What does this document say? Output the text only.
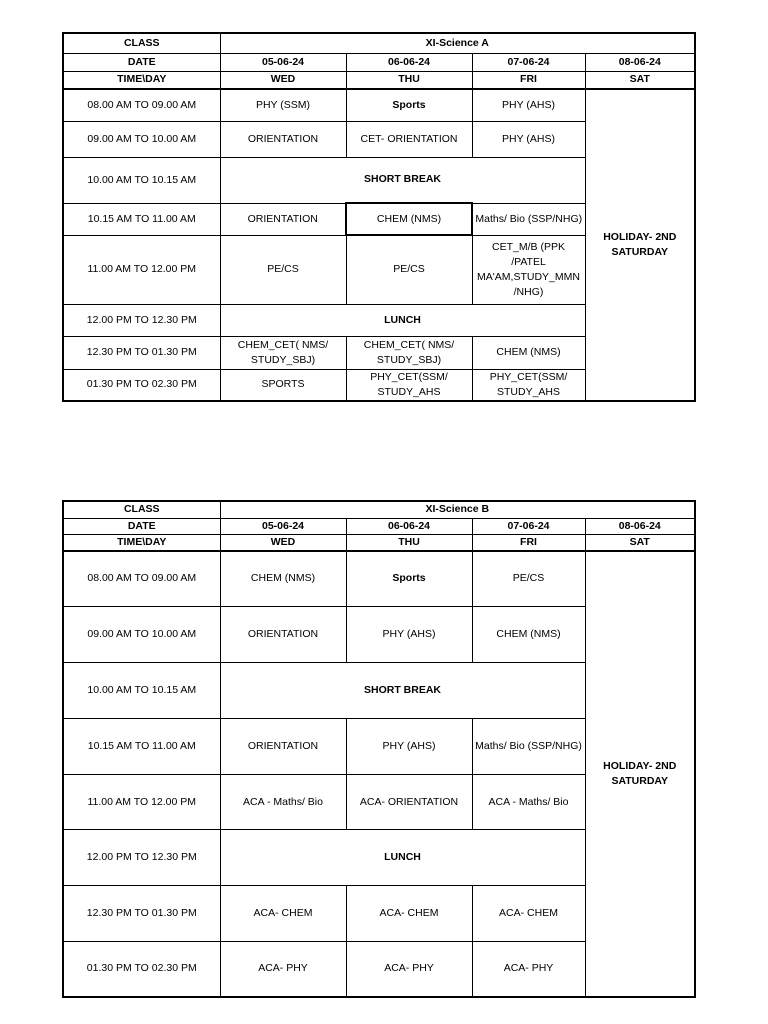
CLASS	XI-Science A			
DATE	05-06-24	06-06-24	07-06-24	08-06-24
TIME\DAY	WED	THU	FRI	SAT
08.00 AM TO 09.00 AM	PHY (SSM)	Sports	PHY (AHS)	HOLIDAY- 2ND SATURDAY
09.00 AM TO 10.00 AM	ORIENTATION	CET- ORIENTATION	PHY (AHS)	
10.00 AM TO 10.15 AM	SHORT BREAK			
10.15 AM TO 11.00 AM	ORIENTATION	CHEM (NMS)	Maths/ Bio (SSP/NHG)	
11.00 AM TO 12.00 PM	PE/CS	PE/CS	CET_M/B (PPK /PATEL MA'AM,STUDY_MMN /NHG)	
12.00 PM TO 12.30 PM	LUNCH			
12.30 PM TO 01.30 PM	CHEM_CET( NMS/ STUDY_SBJ)	CHEM_CET( NMS/ STUDY_SBJ)	CHEM (NMS)	
01.30 PM TO 02.30 PM	SPORTS	PHY_CET(SSM/ STUDY_AHS	PHY_CET(SSM/ STUDY_AHS	
CLASS	XI-Science B			
DATE	05-06-24	06-06-24	07-06-24	08-06-24
TIME\DAY	WED	THU	FRI	SAT
08.00 AM TO 09.00 AM	CHEM (NMS)	Sports	PE/CS	HOLIDAY- 2ND SATURDAY
09.00 AM TO 10.00 AM	ORIENTATION	PHY (AHS)	CHEM (NMS)	
10.00 AM TO 10.15 AM	SHORT BREAK			
10.15 AM TO 11.00 AM	ORIENTATION	PHY (AHS)	Maths/ Bio (SSP/NHG)	
11.00 AM TO 12.00 PM	ACA - Maths/ Bio	ACA- ORIENTATION	ACA - Maths/ Bio	
12.00 PM TO 12.30 PM	LUNCH			
12.30 PM TO 01.30 PM	ACA- CHEM	ACA- CHEM	ACA- CHEM	
01.30 PM TO 02.30 PM	ACA- PHY	ACA- PHY	ACA- PHY	
